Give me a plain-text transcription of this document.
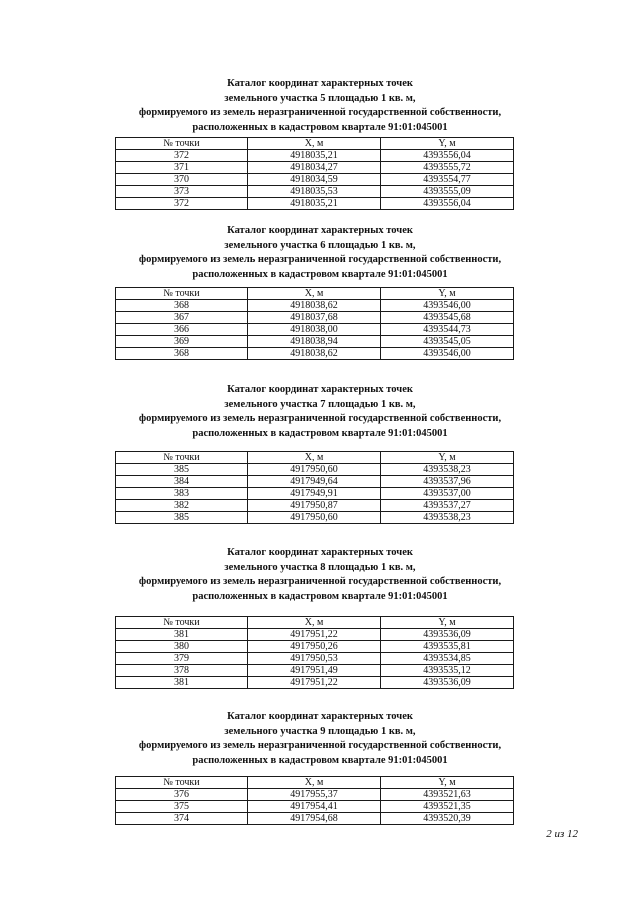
Каталог координат характерных точек
земельного участка 5 площадью 1 кв. м,
формируемого из земель неразграниченной государственной собственности,
расположенных в кадастровом квартале 91:01:045001
№ точки	X, м	Y, м
372	4918035,21	4393556,04
371	4918034,27	4393555,72
370	4918034,59	4393554,77
373	4918035,53	4393555,09
372	4918035,21	4393556,04
Каталог координат характерных точек
земельного участка 6 площадью 1 кв. м,
формируемого из земель неразграниченной государственной собственности,
расположенных в кадастровом квартале 91:01:045001
№ точки	X, м	Y, м
368	4918038,62	4393546,00
367	4918037,68	4393545,68
366	4918038,00	4393544,73
369	4918038,94	4393545,05
368	4918038,62	4393546,00
Каталог координат характерных точек
земельного участка 7 площадью 1 кв. м,
формируемого из земель неразграниченной государственной собственности,
расположенных в кадастровом квартале 91:01:045001
№ точки	X, м	Y, м
385	4917950,60	4393538,23
384	4917949,64	4393537,96
383	4917949,91	4393537,00
382	4917950,87	4393537,27
385	4917950,60	4393538,23
Каталог координат характерных точек
земельного участка 8 площадью 1 кв. м,
формируемого из земель неразграниченной государственной собственности,
расположенных в кадастровом квартале 91:01:045001
№ точки	X, м	Y, м
381	4917951,22	4393536,09
380	4917950,26	4393535,81
379	4917950,53	4393534,85
378	4917951,49	4393535,12
381	4917951,22	4393536,09
Каталог координат характерных точек
земельного участка 9 площадью 1 кв. м,
формируемого из земель неразграниченной государственной собственности,
расположенных в кадастровом квартале 91:01:045001
№ точки	X, м	Y, м
376	4917955,37	4393521,63
375	4917954,41	4393521,35
374	4917954,68	4393520,39
2 из 12
